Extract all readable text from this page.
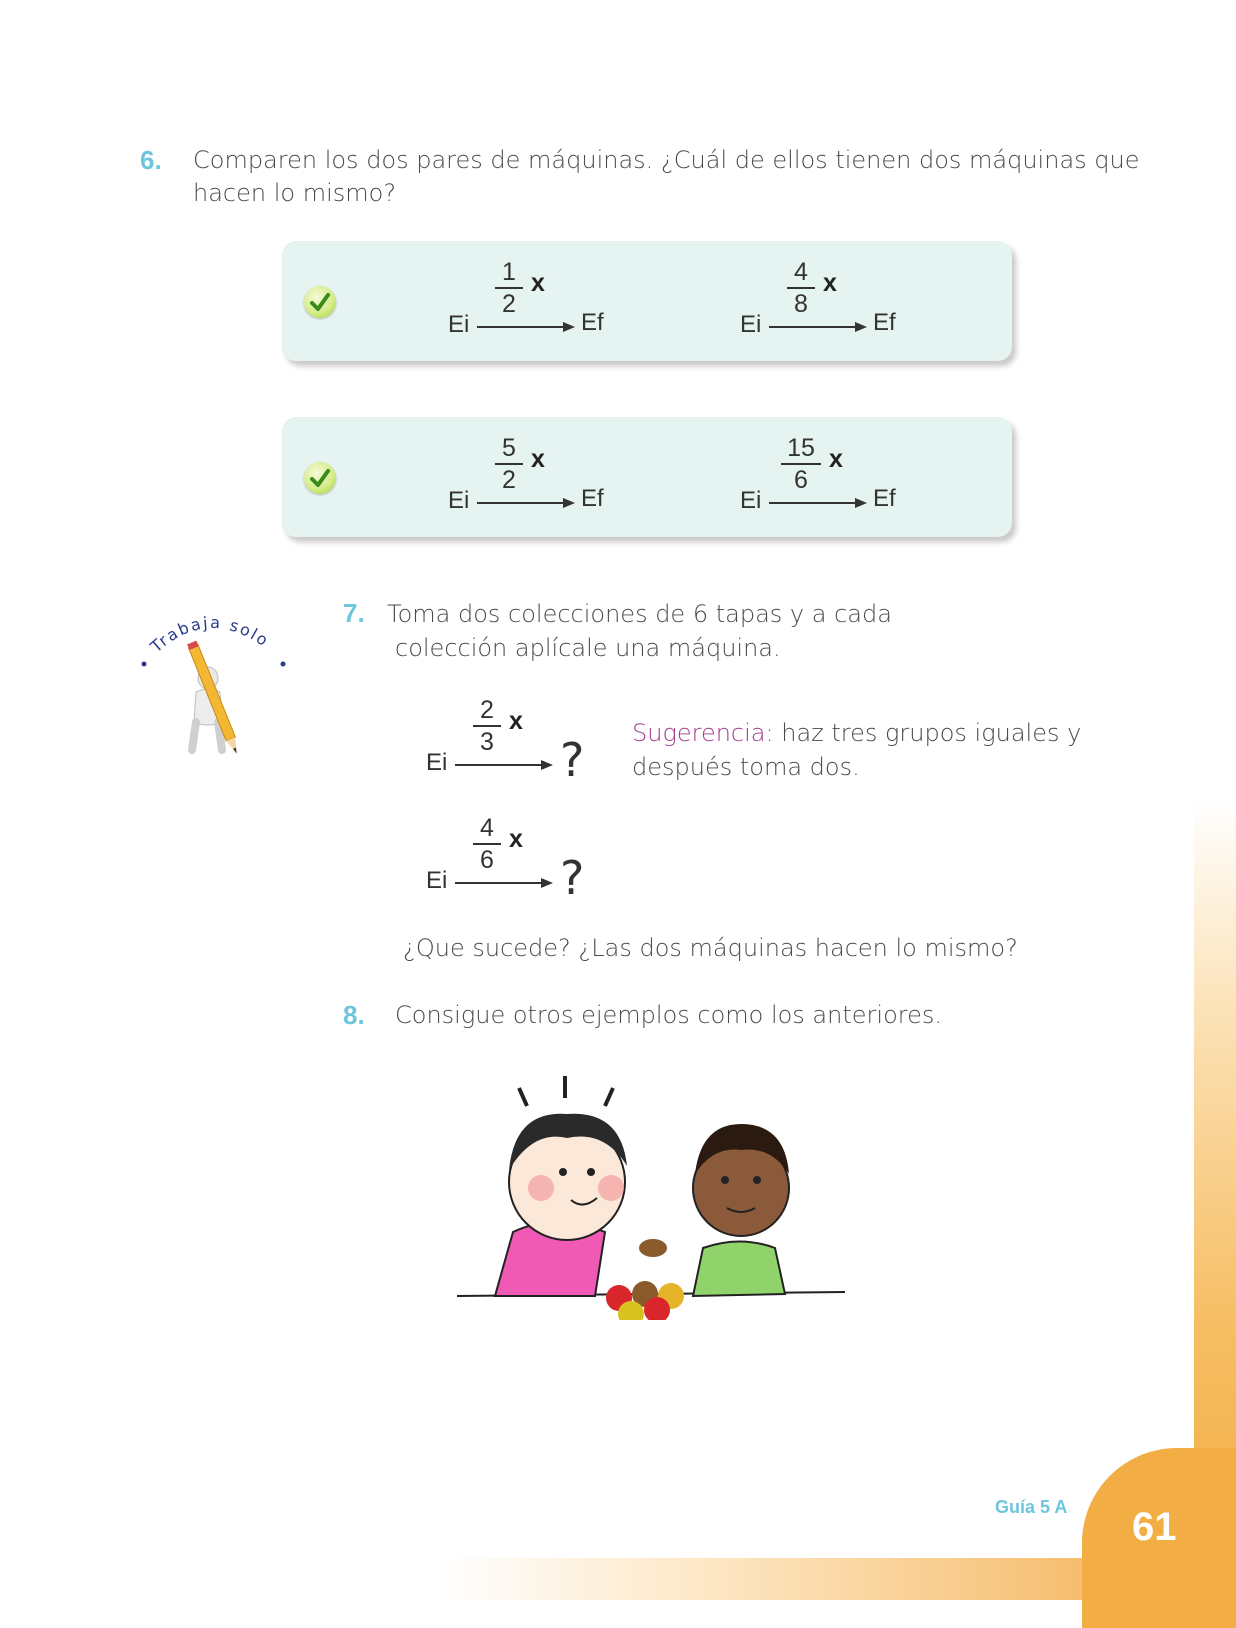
6. Comparen los dos pares de máquinas. ¿Cuál de ellos tienen dos máquinas que
hacen lo mismo?
1
2
x
Ei	Ef
4
8
x
Ei	Ef
5
2
x
Ei	Ef
15
6
x
Ei	Ef
Trabaja solo
7. Toma dos colecciones de 6 tapas y a cada
colección aplícale una máquina.
2
3
x
Ei ?
4
6
x
Ei ?
Sugerencia: haz tres grupos iguales y
después toma dos.
¿Que sucede? ¿Las dos máquinas hacen lo mismo?
8. Consigue otros ejemplos como los anteriores.
Guía 5 A 61
